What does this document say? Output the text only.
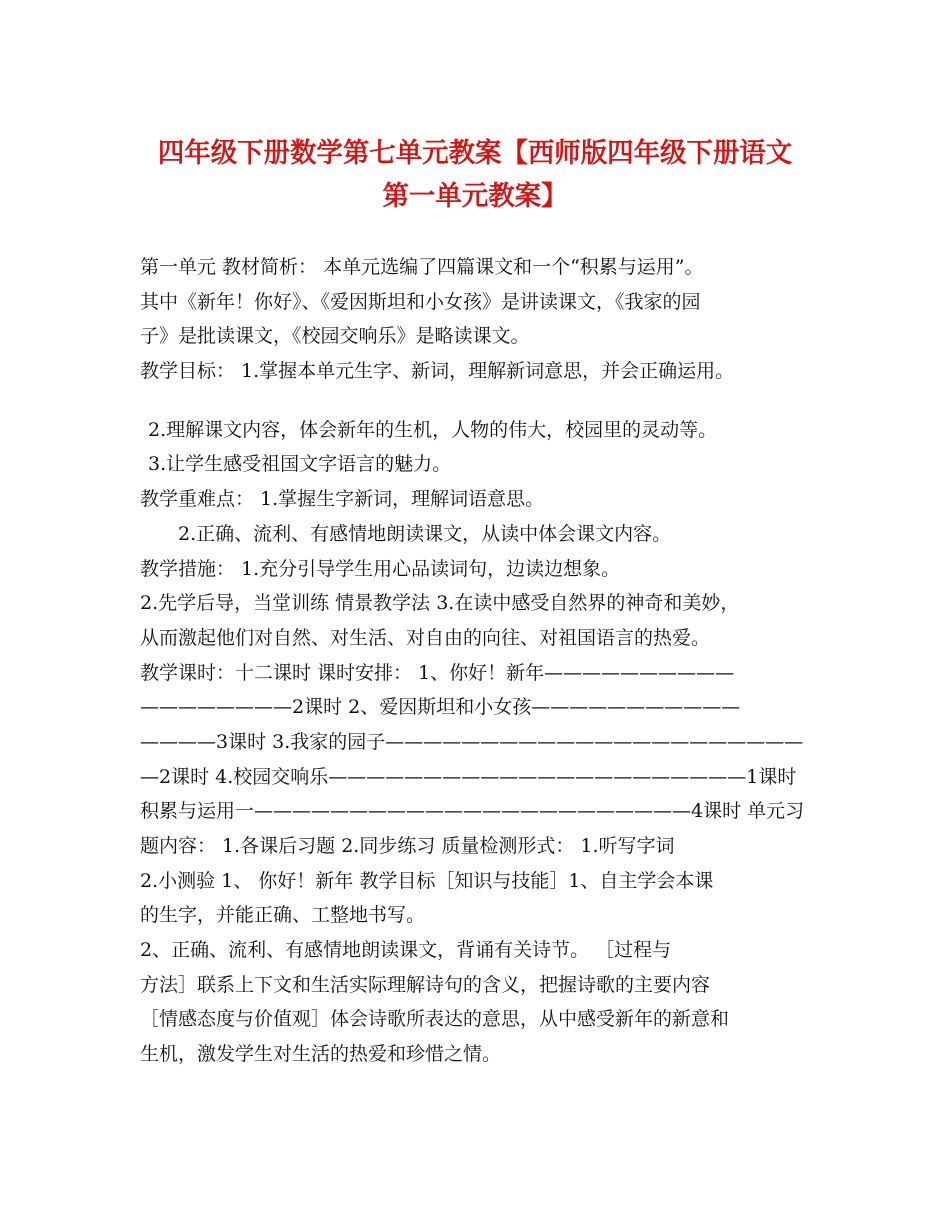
四年级下册数学第七单元教案【西师版四年级下册语文
第一单元教案】
第一单元 教材简析： 本单元选编了四篇课文和一个“积累与运用”。
其中《新年！你好》、《爱因斯坦和小女孩》是讲读课文，《我家的园
子》是批读课文，《校园交响乐》是略读课文。
教学目标： 1.掌握本单元生字、新词，理解新词意思，并会正确运用。
2.理解课文内容，体会新年的生机，人物的伟大，校园里的灵动等。
3.让学生感受祖国文字语言的魅力。
教学重难点： 1.掌握生字新词，理解词语意思。
2.正确、流利、有感情地朗读课文，从读中体会课文内容。
教学措施： 1.充分引导学生用心品读词句，边读边想象。
2.先学后导，当堂训练 情景教学法 3.在读中感受自然界的神奇和美妙，
从而激起他们对自然、对生活、对自由的向往、对祖国语言的热爱。
教学课时：十二课时 课时安排： 1、你好！新年——————————
————————2课时 2、爱因斯坦和小女孩———————————
————3课时 3.我家的园子——————————————————————
—2课时 4.校园交响乐——————————————————————1课时
积累与运用一———————————————————————4课时 单元习
题内容： 1.各课后习题 2.同步练习 质量检测形式： 1.听写字词
2.小测验 1、 你好！新年 教学目标［知识与技能］1、自主学会本课
的生字，并能正确、工整地书写。
2、正确、流利、有感情地朗读课文，背诵有关诗节。 ［过程与
方法］联系上下文和生活实际理解诗句的含义，把握诗歌的主要内容
［情感态度与价值观］体会诗歌所表达的意思，从中感受新年的新意和
生机，激发学生对生活的热爱和珍惜之情。
